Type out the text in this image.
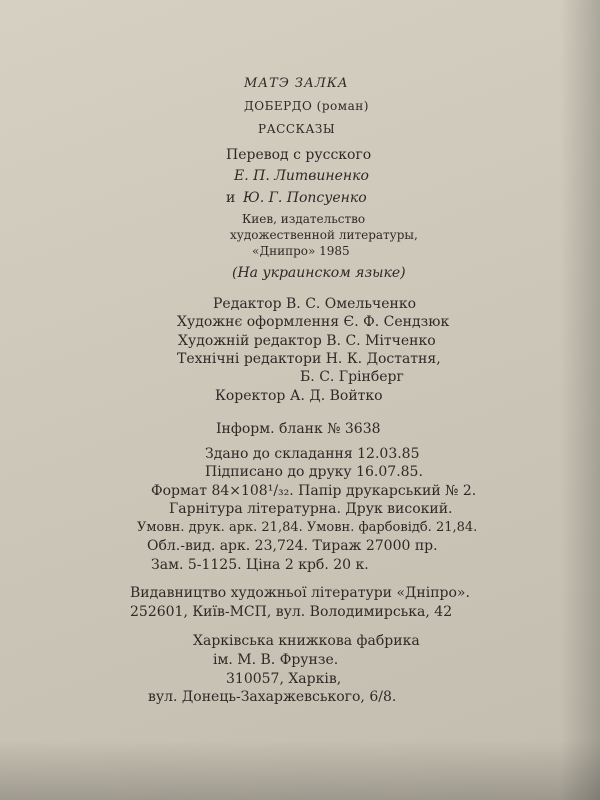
МАТЭ ЗАЛКА
ДОБЕРДО (роман)
РАССКАЗЫ
Перевод с русского
Е. П. Литвиненко
и Ю. Г. Попсуенко
Киев, издательство
художественной литературы,
«Днипро» 1985
(На украинском языке)
Редактор В. С. Омельченко
Художнє оформлення Є. Ф. Сендзюк
Художній редактор В. С. Мітченко
Технічні редактори Н. К. Достатня,
Б. С. Грінберг
Коректор А. Д. Войтко
Інформ. бланк № 3638
Здано до складання 12.03.85
Підписано до друку 16.07.85.
Формат 84×108¹/₃₂. Папір друкарський № 2.
Гарнітура літературна. Друк високий.
Умовн. друк. арк. 21,84. Умовн. фарбовідб. 21,84.
Обл.-вид. арк. 23,724. Тираж 27000 пр.
Зам. 5-1125. Ціна 2 крб. 20 к.
Видавництво художньої літератури «Дніпро».
252601, Київ-МСП, вул. Володимирська, 42
Харківська книжкова фабрика
ім. М. В. Фрунзе.
310057, Харків,
вул. Донець-Захаржевського, 6/8.
